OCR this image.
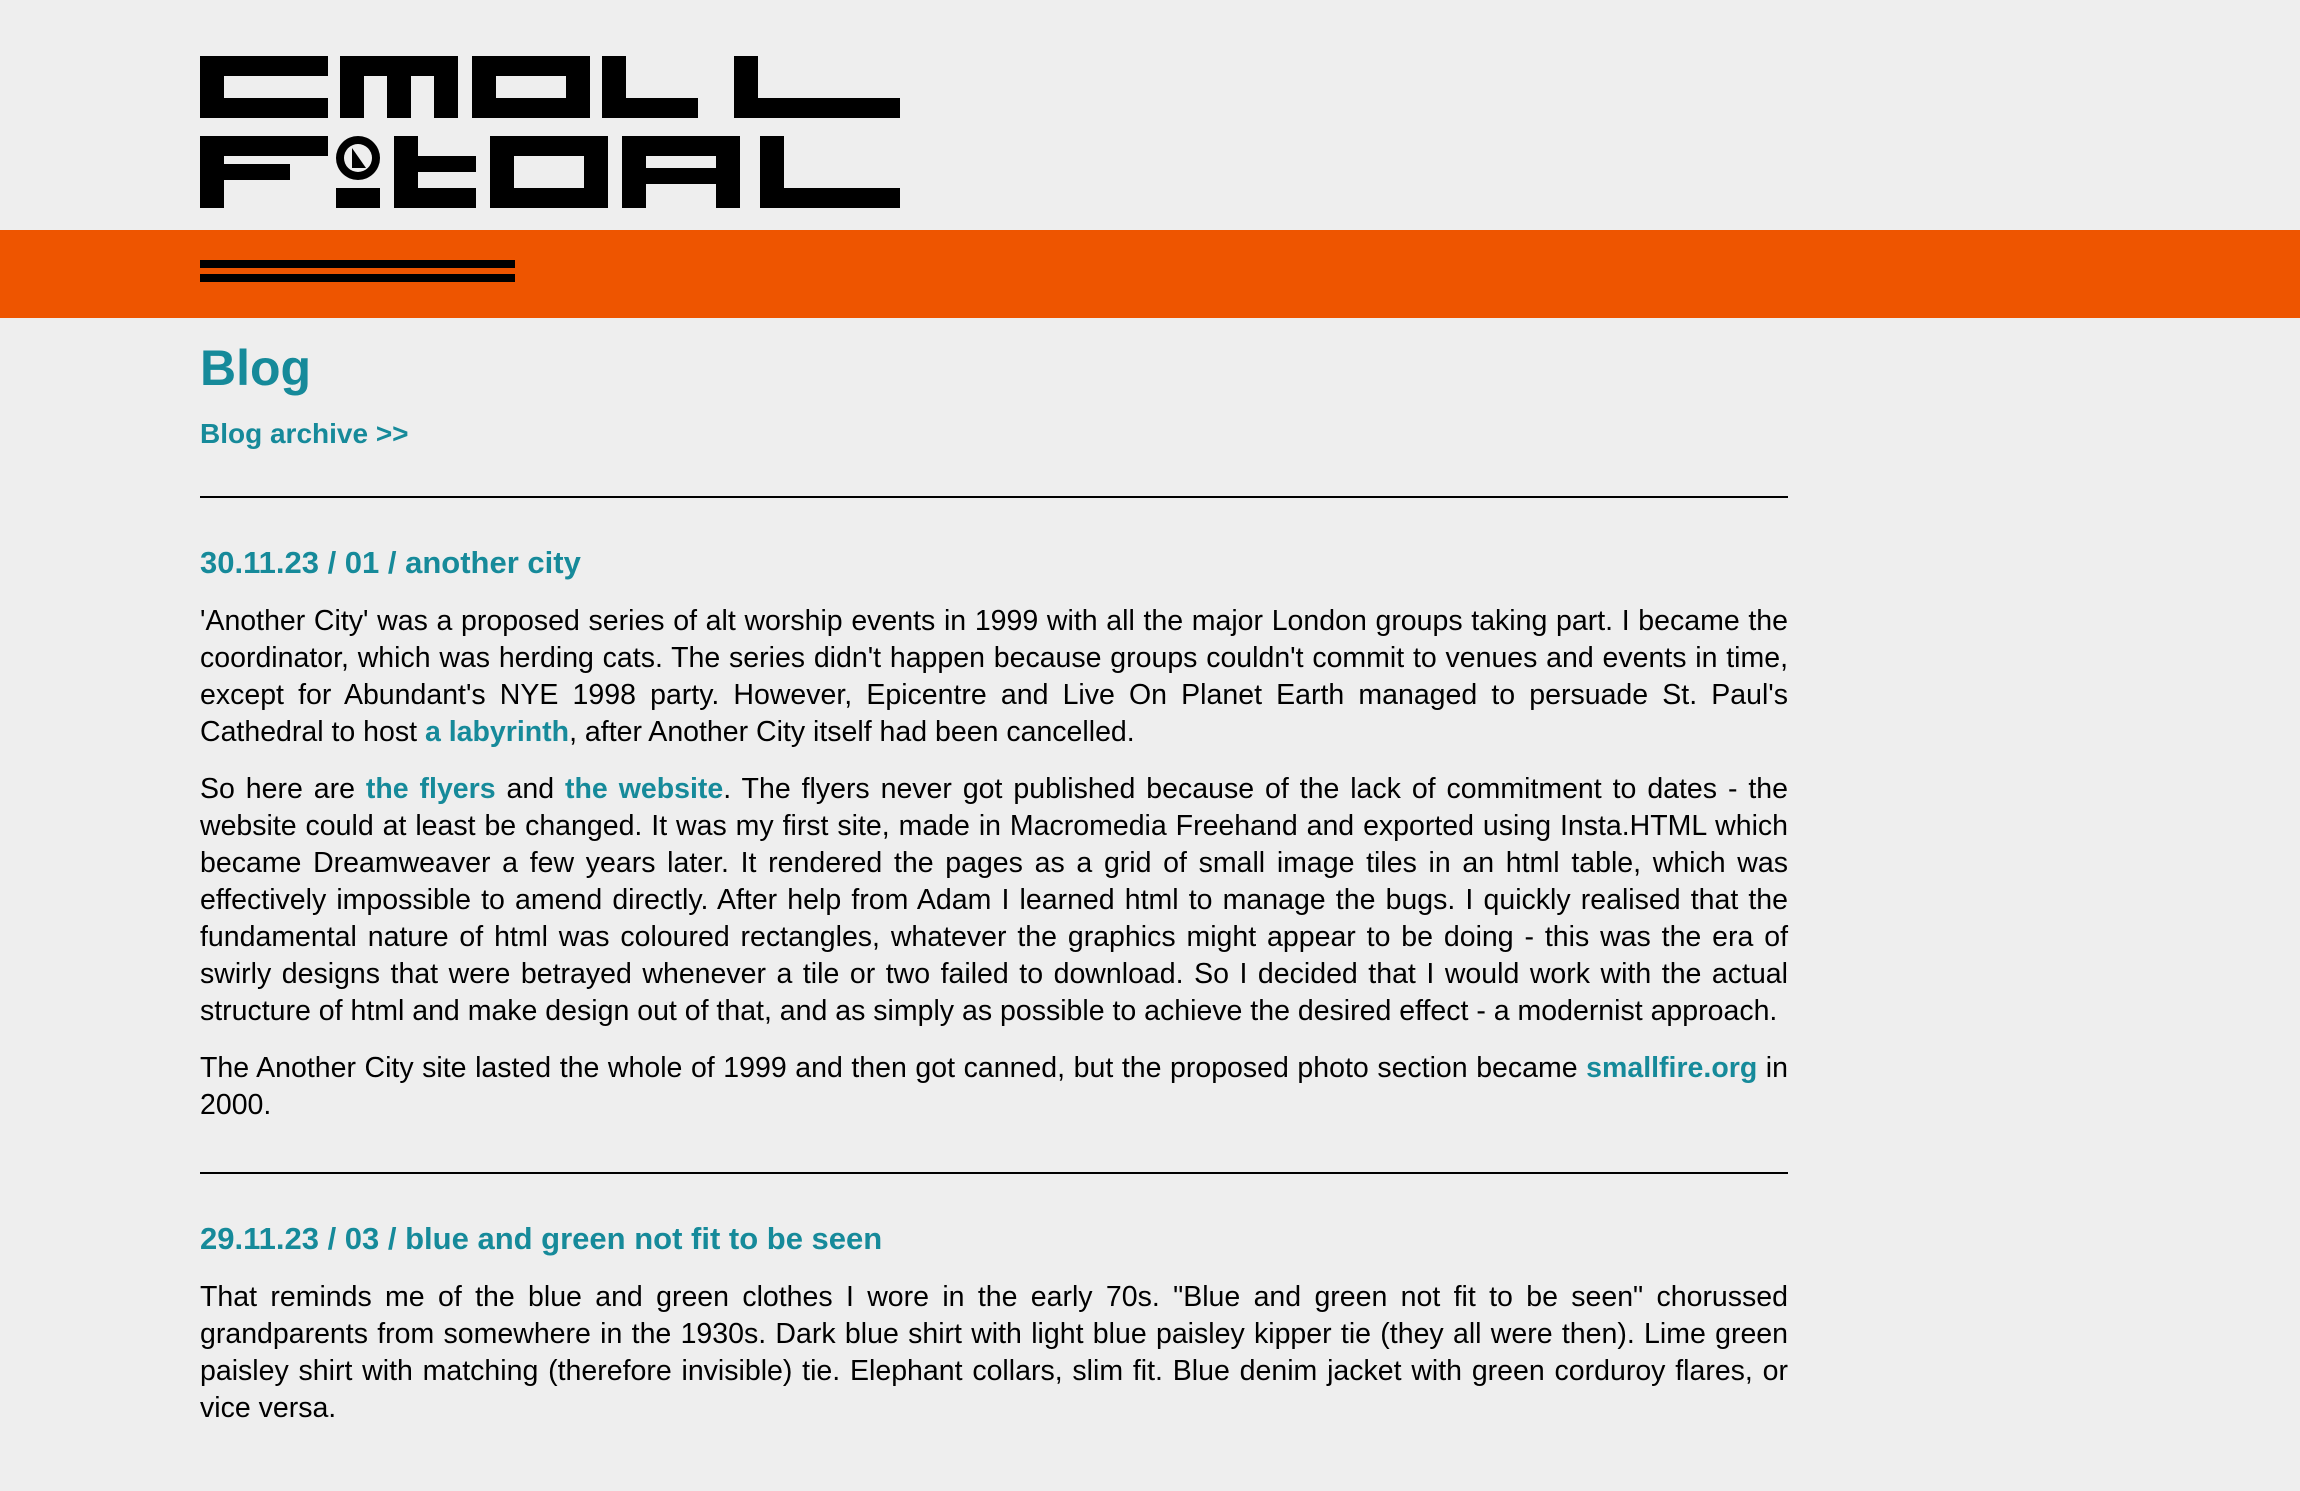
Blog
Blog archive >>
30.11.23 / 01 / another city

'Another City' was a proposed series of alt worship events in 1999 with all the major London groups taking part. I became the coordinator, which was herding cats. The series didn't happen because groups couldn't commit to venues and events in time, except for Abundant's NYE 1998 party. However, Epicentre and Live On Planet Earth managed to persuade St. Paul's Cathedral to host a labyrinth, after Another City itself had been cancelled.

So here are the flyers and the website. The flyers never got published because of the lack of commitment to dates - the website could at least be changed. It was my first site, made in Macromedia Freehand and exported using Insta.HTML which became Dreamweaver a few years later. It rendered the pages as a grid of small image tiles in an html table, which was effectively impossible to amend directly. After help from Adam I learned html to manage the bugs. I quickly realised that the fundamental nature of html was coloured rectangles, whatever the graphics might appear to be doing - this was the era of swirly designs that were betrayed whenever a tile or two failed to download. So I decided that I would work with the actual structure of html and make design out of that, and as simply as possible to achieve the desired effect - a modernist approach.

The Another City site lasted the whole of 1999 and then got canned, but the proposed photo section became smallfire.org in 2000.

29.11.23 / 03 / blue and green not fit to be seen

That reminds me of the blue and green clothes I wore in the early 70s. "Blue and green not fit to be seen" chorussed grandparents from somewhere in the 1930s. Dark blue shirt with light blue paisley kipper tie (they all were then). Lime green paisley shirt with matching (therefore invisible) tie. Elephant collars, slim fit. Blue denim jacket with green corduroy flares, or vice versa.
